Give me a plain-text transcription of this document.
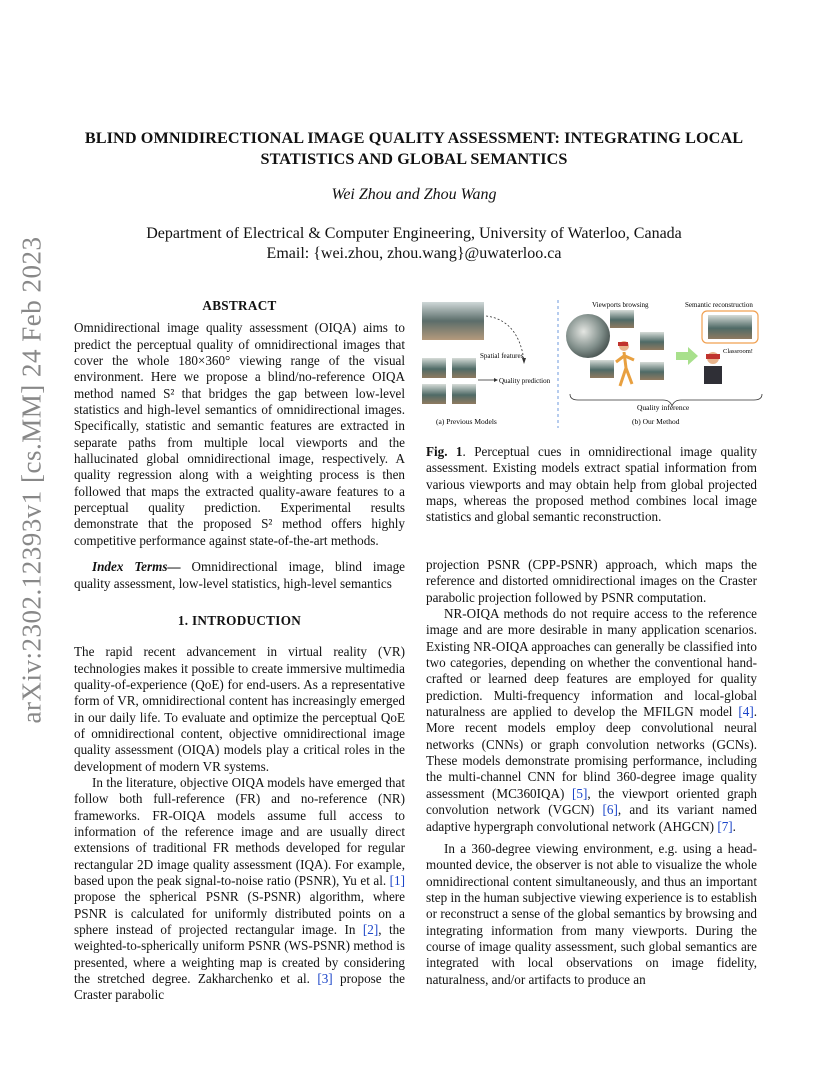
arXiv:2302.12393v1 [cs.MM] 24 Feb 2023
BLIND OMNIDIRECTIONAL IMAGE QUALITY ASSESSMENT: INTEGRATING LOCAL STATISTICS AND GLOBAL SEMANTICS
Wei Zhou and Zhou Wang
Department of Electrical & Computer Engineering, University of Waterloo, Canada
Email: {wei.zhou, zhou.wang}@uwaterloo.ca
ABSTRACT

Omnidirectional image quality assessment (OIQA) aims to predict the perceptual quality of omnidirectional images that cover the whole 180×360° viewing range of the visual environment. Here we propose a blind/no-reference OIQA method named S² that bridges the gap between low-level statistics and high-level semantics of omnidirectional images. Specifically, statistic and semantic features are extracted in separate paths from multiple local viewports and the hallucinated global omnidirectional image, respectively. A quality regression along with a weighting process is then followed that maps the extracted quality-aware features to a perceptual quality prediction. Experimental results demonstrate that the proposed S² method offers highly competitive performance against state-of-the-art methods.

Index Terms— Omnidirectional image, blind image quality assessment, low-level statistics, high-level semantics

1. INTRODUCTION

The rapid recent advancement in virtual reality (VR) technologies makes it possible to create immersive multimedia quality-of-experience (QoE) for end-users. As a representative form of VR, omnidirectional content has increasingly emerged in our daily life. To evaluate and optimize the perceptual QoE of omnidirectional content, objective omnidirectional image quality assessment (OIQA) models play a critical roles in the development of modern VR systems.

In the literature, objective OIQA models have emerged that follow both full-reference (FR) and no-reference (NR) frameworks. FR-OIQA models assume full access to information of the reference image and are usually direct extensions of traditional FR methods developed for regular rectangular 2D image quality assessment (IQA). For example, based upon the peak signal-to-noise ratio (PSNR), Yu et al. [1] propose the spherical PSNR (S-PSNR) algorithm, where PSNR is calculated for uniformly distributed points on a sphere instead of projected rectangular image. In [2], the weighted-to-spherically uniform PSNR (WS-PSNR) method is presented, where a weighting map is created by considering the stretched degree. Zakharchenko et al. [3] propose the Craster parabolic

Spatial features
Quality prediction
(a) Previous Models
Viewports browsing	Semantic reconstruction
Classroom!
Quality inference
(b) Our Method
Fig. 1. Perceptual cues in omnidirectional image quality assessment. Existing models extract spatial information from various viewports and may obtain help from global projected maps, whereas the proposed method combines local image statistics and global semantic reconstruction.

projection PSNR (CPP-PSNR) approach, which maps the reference and distorted omnidirectional images on the Craster parabolic projection followed by PSNR computation.

NR-OIQA methods do not require access to the reference image and are more desirable in many application scenarios. Existing NR-OIQA approaches can generally be classified into two categories, depending on whether the conventional hand-crafted or learned deep features are employed for quality prediction. Multi-frequency information and local-global naturalness are applied to develop the MFILGN model [4]. More recent models employ deep convolutional neural networks (CNNs) or graph convolution networks (GCNs). These models demonstrate promising performance, including the multi-channel CNN for blind 360-degree image quality assessment (MC360IQA) [5], the viewport oriented graph convolution network (VGCN) [6], and its variant named adaptive hypergraph convolutional network (AHGCN) [7].

In a 360-degree viewing environment, e.g. using a head-mounted device, the observer is not able to visualize the whole omnidirectional content simultaneously, and thus an important step in the human subjective viewing experience is to establish or reconstruct a sense of the global semantics by browsing and integrating information from many viewports. During the course of image quality assessment, such global semantics are integrated with local observations on image fidelity, naturalness, and/or artifacts to produce an
